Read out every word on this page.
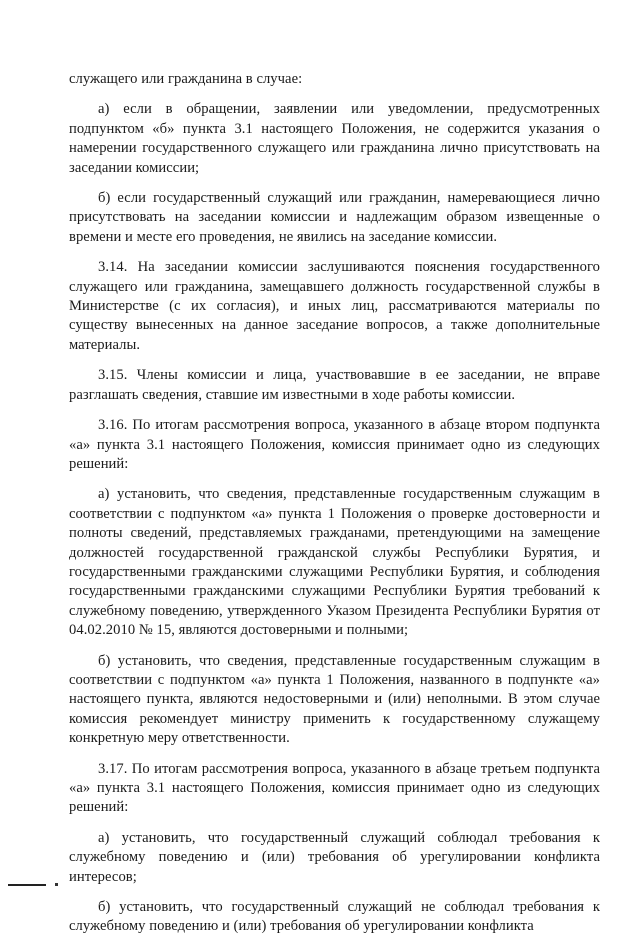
служащего или гражданина в случае:

а) если в обращении, заявлении или уведомлении, предусмотренных подпунктом «б» пункта 3.1 настоящего Положения, не содержится указания о намерении государственного служащего или гражданина лично присутствовать на заседании комиссии;

б) если государственный служащий или гражданин, намеревающиеся лично присутствовать на заседании комиссии и надлежащим образом извещенные о времени и месте его проведения, не явились на заседание комиссии.

3.14. На заседании комиссии заслушиваются пояснения государственного служащего или гражданина, замещавшего должность государственной службы в Министерстве (с их согласия), и иных лиц, рассматриваются материалы по существу вынесенных на данное заседание вопросов, а также дополнительные материалы.

3.15. Члены комиссии и лица, участвовавшие в ее заседании, не вправе разглашать сведения, ставшие им известными в ходе работы комиссии.

3.16. По итогам рассмотрения вопроса, указанного в абзаце втором подпункта «а» пункта 3.1 настоящего Положения, комиссия принимает одно из следующих решений:

а) установить, что сведения, представленные государственным служащим в соответствии с подпунктом «а» пункта 1 Положения о проверке достоверности и полноты сведений, представляемых гражданами, претендующими на замещение должностей государственной гражданской службы Республики Бурятия, и государственными гражданскими служащими Республики Бурятия, и соблюдения государственными гражданскими служащими Республики Бурятия требований к служебному поведению, утвержденного Указом Президента Республики Бурятия от 04.02.2010 № 15, являются достоверными и полными;

б) установить, что сведения, представленные государственным служащим в соответствии с подпунктом «а» пункта 1 Положения, названного в подпункте «а» настоящего пункта, являются недостоверными и (или) неполными. В этом случае комиссия рекомендует министру применить к государственному служащему конкретную меру ответственности.

3.17. По итогам рассмотрения вопроса, указанного в абзаце третьем подпункта «а» пункта 3.1 настоящего Положения, комиссия принимает одно из следующих решений:

а) установить, что государственный служащий соблюдал требования к служебному поведению и (или) требования об урегулировании конфликта интересов;

б) установить, что государственный служащий не соблюдал требования к служебному поведению и (или) требования об урегулировании конфликта
